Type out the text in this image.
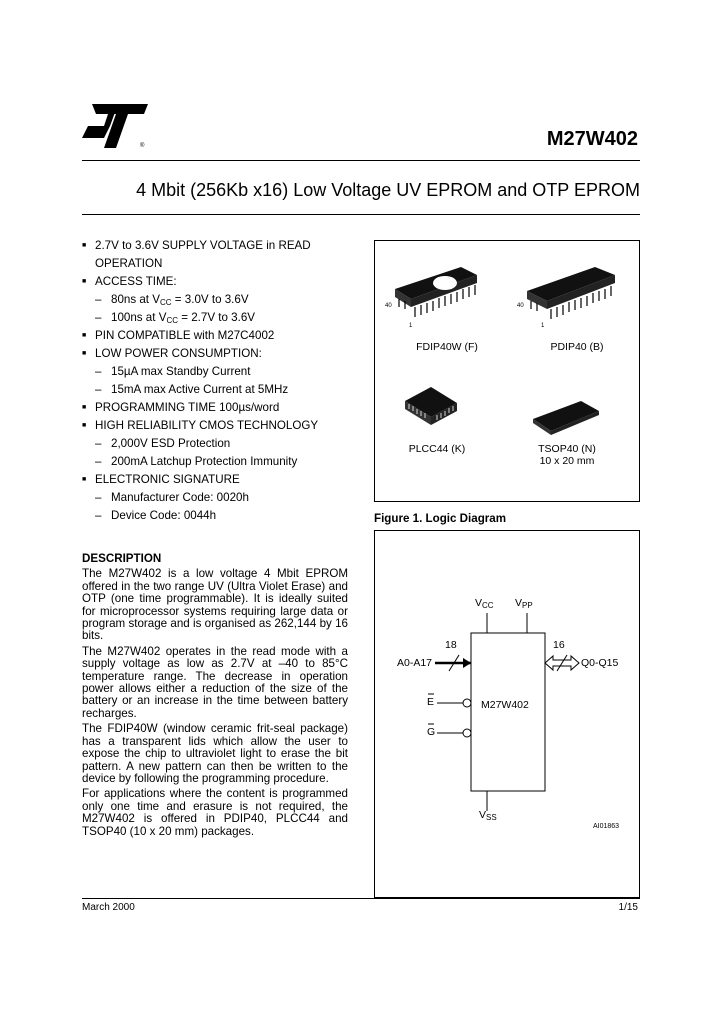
®	M27W402
4 Mbit (256Kb x16) Low Voltage UV EPROM and OTP EPROM
■ 2.7V to 3.6V SUPPLY VOLTAGE in READ
OPERATION
■ ACCESS TIME:
– 80ns at $V_{CC} = 3.0V$ to 3.6V
– 100ns at $V_{CC} = 2.7V$ to 3.6V
■ PIN COMPATIBLE with M27C4002
■ LOW POWER CONSUMPTION:
– 15µA max Standby Current
– 15mA max Active Current at 5MHz
■ PROGRAMMING TIME 100µs/word
■ HIGH RELIABILITY CMOS TECHNOLOGY
– 2,000V ESD Protection
– 200mA Latchup Protection Immunity
■ ELECTRONIC SIGNATURE
– Manufacturer Code: 0020h
– Device Code: 0044h
DESCRIPTION

The M27W402 is a low voltage 4 Mbit EPROM offered in the two range UV (Ultra Violet Erase) and OTP (one time programmable). It is ideally suited for microprocessor systems requiring large data or program storage and is organised as 262,144 by 16 bits.

The M27W402 operates in the read mode with a supply voltage as low as 2.7V at –40 to 85°C temperature range. The decrease in operation power allows either a reduction of the size of the battery or an increase in the time between battery recharges.

The FDIP40W (window ceramic frit-seal package) has a transparent lids which allow the user to expose the chip to ultraviolet light to erase the bit pattern. A new pattern can then be written to the device by following the programming procedure.

For applications where the content is programmed only one time and erasure is not required, the M27W402 is offered in PDIP40, PLCC44 and TSOP40 (10 x 20 mm) packages.

40
1
40
1
FDIP40W (F)	PDIP40 (B)
PLCC44 (K)	TSOP40 (N)
10 x 20 mm
Figure 1. Logic Diagram
$V_{CC}$ $V_{PP}$
18
A0-A17
16
Q0-Q15
E
G
M27W402
$V_{SS}$
AI01863
March 2000	1/15
